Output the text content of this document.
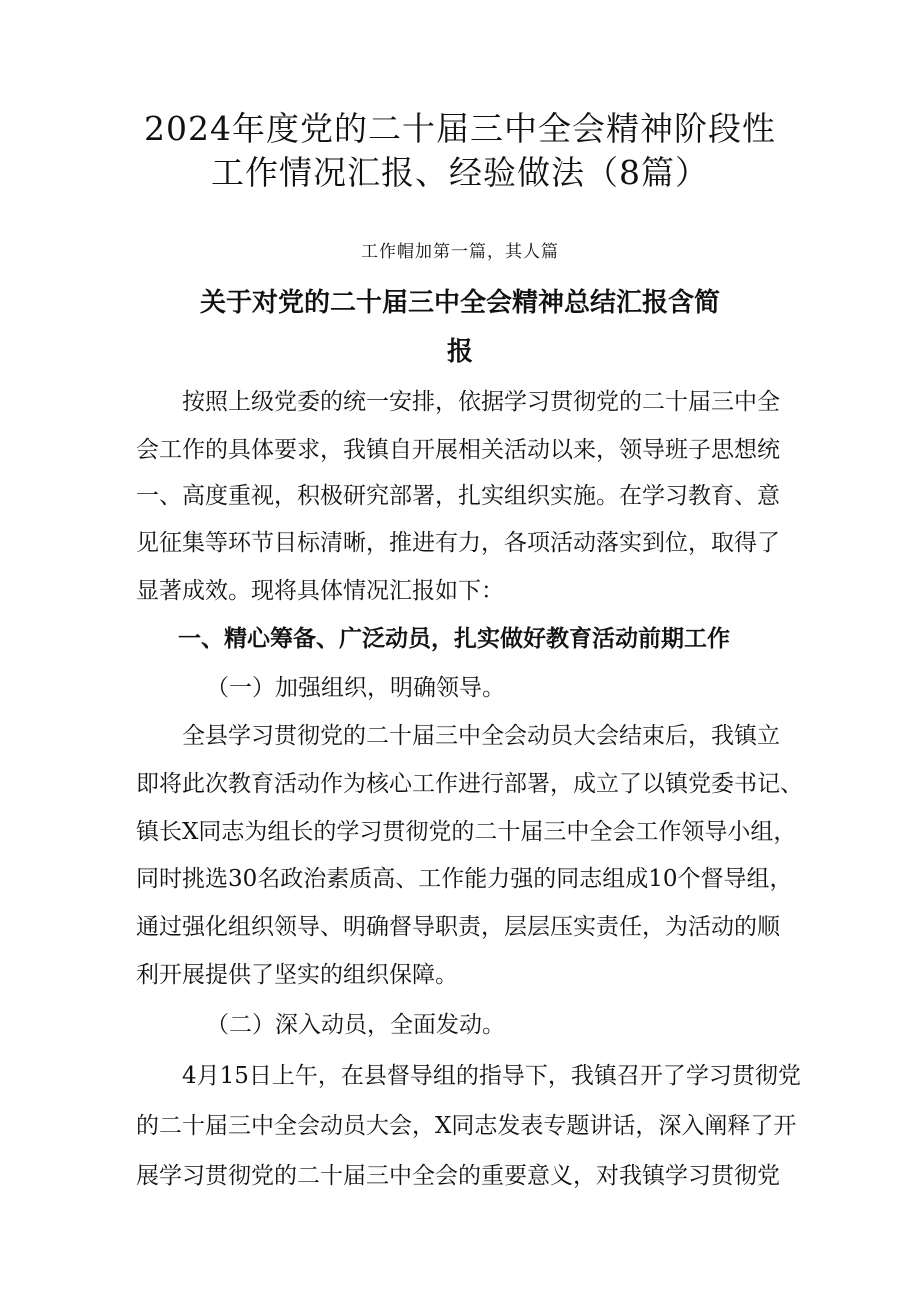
2024年度党的二十届三中全会精神阶段性
工作情况汇报、经验做法（8篇）
工作帽加第一篇，其人篇
关于对党的二十届三中全会精神总结汇报含简
报
按照上级党委的统一安排，依据学习贯彻党的二十届三中全
会工作的具体要求，我镇自开展相关活动以来，领导班子思想统
一、高度重视，积极研究部署，扎实组织实施。在学习教育、意
见征集等环节目标清晰，推进有力，各项活动落实到位，取得了
显著成效。现将具体情况汇报如下：
一、精心筹备、广泛动员，扎实做好教育活动前期工作
（一）加强组织，明确领导。
全县学习贯彻党的二十届三中全会动员大会结束后，我镇立
即将此次教育活动作为核心工作进行部署，成立了以镇党委书记、
镇长X同志为组长的学习贯彻党的二十届三中全会工作领导小组，
同时挑选30名政治素质高、工作能力强的同志组成10个督导组，
通过强化组织领导、明确督导职责，层层压实责任，为活动的顺
利开展提供了坚实的组织保障。
（二）深入动员，全面发动。
4月15日上午，在县督导组的指导下，我镇召开了学习贯彻党
的二十届三中全会动员大会，X同志发表专题讲话，深入阐释了开
展学习贯彻党的二十届三中全会的重要意义，对我镇学习贯彻党
